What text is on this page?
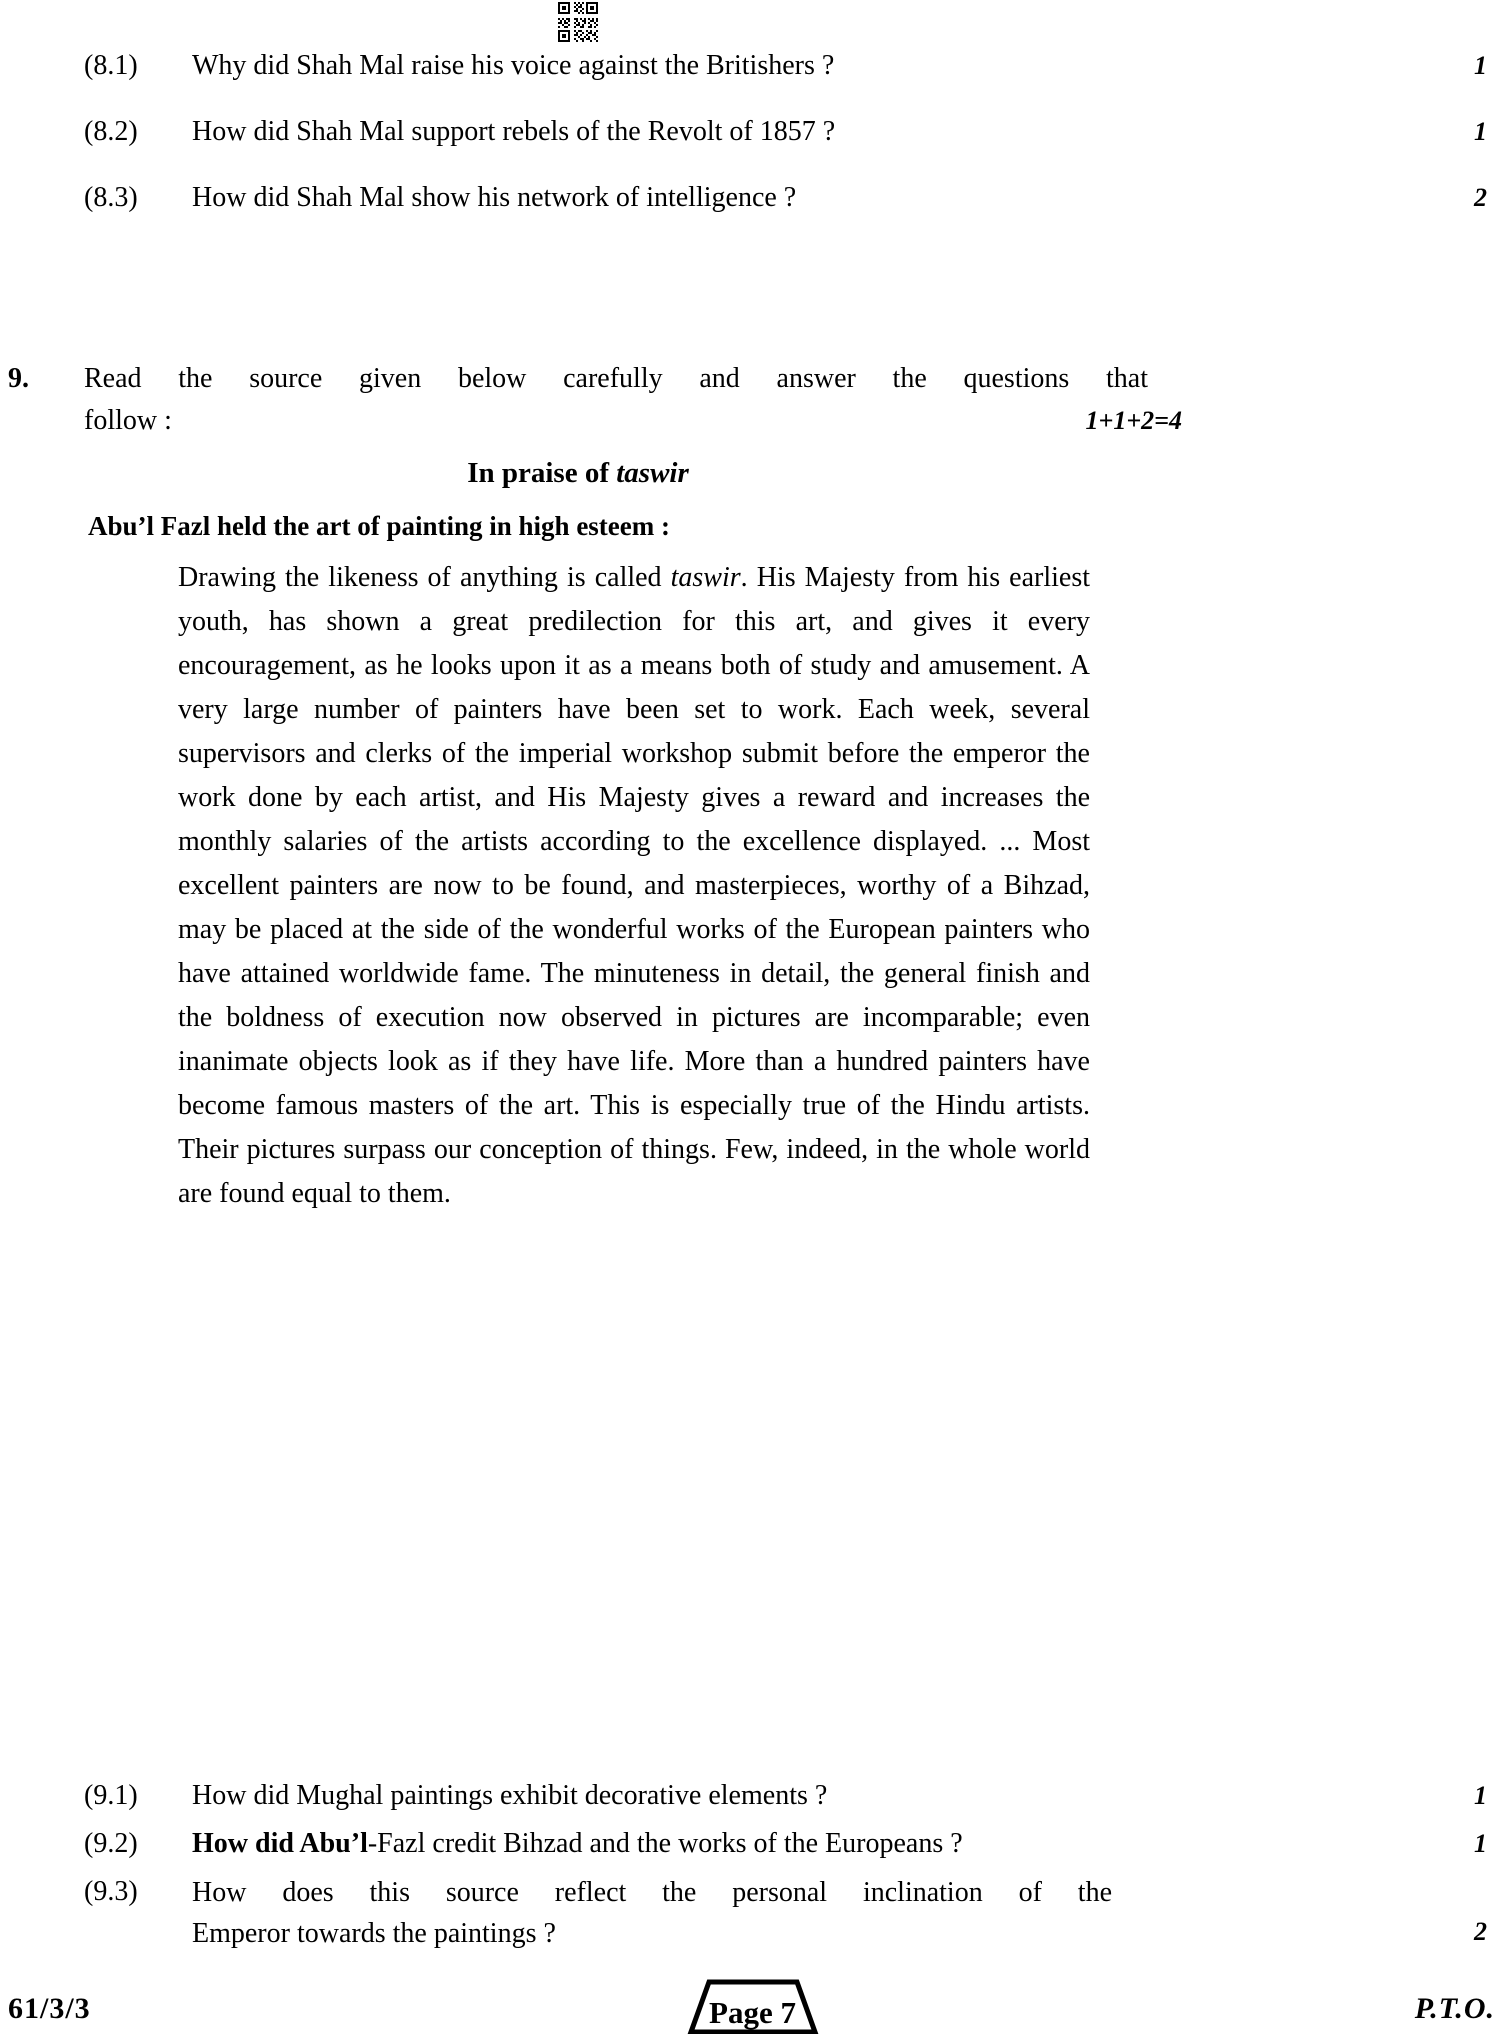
(8.1)	Why did Shah Mal raise his voice against the Britishers ?	1
(8.2)	How did Shah Mal support rebels of the Revolt of 1857 ?	1
(8.3)	How did Shah Mal show his network of intelligence ?	2
9.	Read the source given below carefully and answer the questions that
follow :	1+1+2=4
In praise of taswir
Abu’l Fazl held the art of painting in high esteem :
Drawing the likeness of anything is called taswir. His Majesty from his earliest youth, has shown a great predilection for this art, and gives it every encouragement, as he looks upon it as a means both of study and amusement. A very large number of painters have been set to work. Each week, several supervisors and clerks of the imperial workshop submit before the emperor the work done by each artist, and His Majesty gives a reward and increases the monthly salaries of the artists according to the excellence displayed. ... Most excellent painters are now to be found, and masterpieces, worthy of a Bihzad, may be placed at the side of the wonderful works of the European painters who have attained worldwide fame. The minuteness in detail, the general finish and the boldness of execution now observed in pictures are incomparable; even inanimate objects look as if they have life. More than a hundred painters have become famous masters of the art. This is especially true of the Hindu artists. Their pictures surpass our conception of things. Few, indeed, in the whole world are found equal to them.
(9.1)	How did Mughal paintings exhibit decorative elements ?	1
(9.2)	How did Abu’l-Fazl credit Bihzad and the works of the Europeans ?	1
(9.3)	How does this source reflect the personal inclination of the
Emperor towards the paintings ?	2
61/3/3	Page 7	P.T.O.
